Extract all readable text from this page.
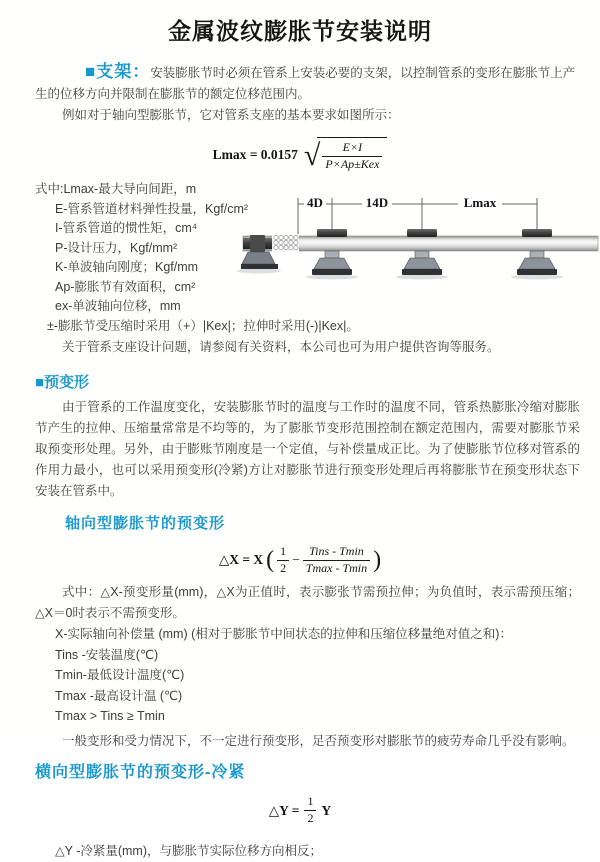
金属波纹膨胀节安装说明

■支架：安装膨胀节时必须在管系上安装必要的支架，以控制管系的变形在膨胀节上产生的位移方向并限制在膨胀节的额定位移范围内。

例如对于轴向型膨胀节，它对管系支座的基本要求如图所示：

Lmax = 0.0157 √ $\frac{E\times I}{\text{P×Ap±Kex}}$
式中:Lmax-最大导向间距，m
E-管系管道材料弹性投量，Kgf/cm²
I-管系管道的惯性矩，cm⁴
P-设计压力，Kgf/mm²
K-单波轴向刚度；Kgf/mm
Ap-膨胀节有效面积，cm²
ex-单波轴向位移，mm
±-膨胀节受压缩时采用（+）|Kex|；拉伸时采用(-)|Kex|。

关于管系支座设计问题，请参阅有关资料，本公司也可为用户提供咨询等服务。

4D	14D	Lmax
■预变形

由于管系的工作温度变化，安装膨胀节时的温度与工作时的温度不同，管系热膨胀冷缩对膨胀节产生的拉伸、压缩量常常是不均等的，为了膨胀节变形范围控制在额定范围内，需要对膨胀节采取预变形处理。另外，由于膨账节刚度是一个定值，与补偿量成正比。为了使膨胀节位移对管系的作用力最小，也可以采用预变形(冷紧)方让对膨胀节进行预变形处理后再将膨胀节在预变形状态下安装在管系中。

轴向型膨胀节的预变形
△X = X ( $\frac{1}{2} - \frac{\text{Tins - Tmin}}{Tmax - Tmin}$ )

式中：△X-预变形量(mm)，△X为正值时，表示膨张节需预拉伸；为负值时，表示需预压缩；△X＝0时表示不需预变形。

X-实际轴向补偿量 (mm) (相对于膨胀节中间状态的拉伸和压缩位移量绝对值之和)：
Tins -安装温度(℃)
Tmin-最低设计温度(℃)
Tmax -最高设计温 (℃)
Tmax > Tins ≥ Tmin

一般变形和受力情况下，不一定进行预变形，足否预变形对膨胀节的疲劳寿命几乎没有影响。

横向型膨胀节的预变形-冷紧
△Y = $\frac{1}{2}$ Y

△Y -冷紧量(mm)，与膨胀节实际位移方向相反；
